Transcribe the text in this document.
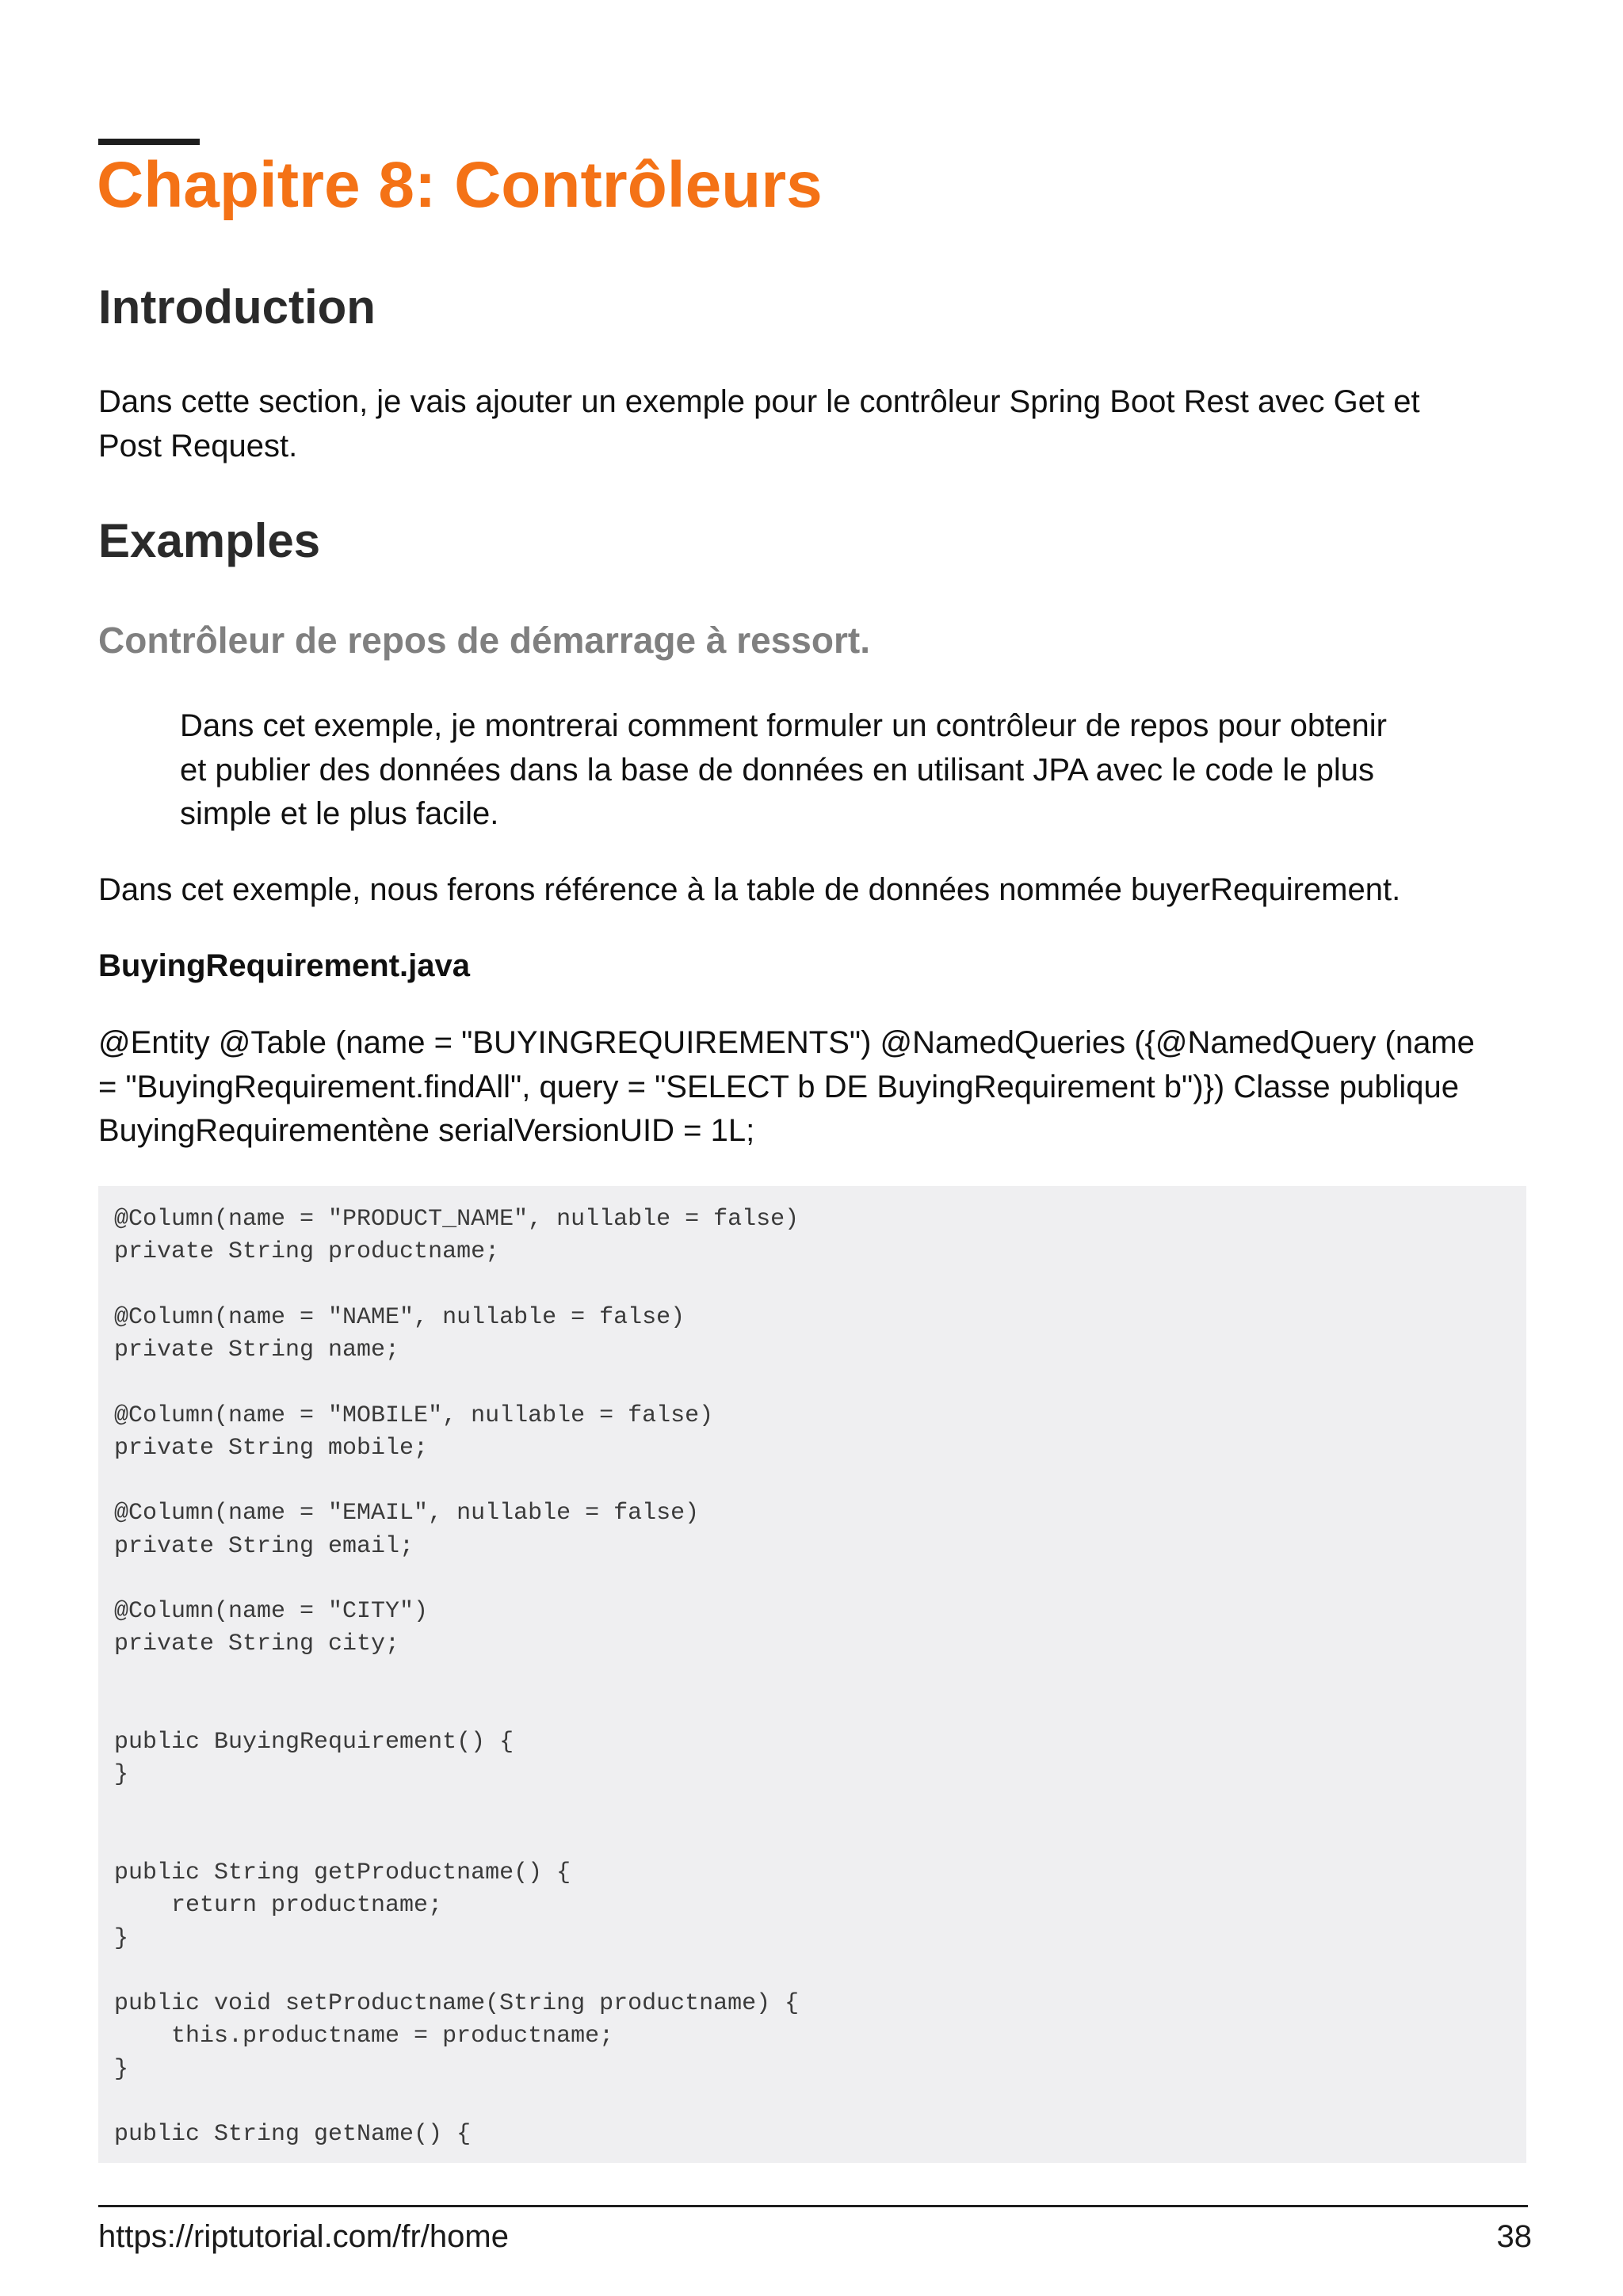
Chapitre 8: Contrôleurs
Introduction

Dans cette section, je vais ajouter un exemple pour le contrôleur Spring Boot Rest avec Get et
Post Request.

Examples
Contrôleur de repos de démarrage à ressort.

Dans cet exemple, je montrerai comment formuler un contrôleur de repos pour obtenir
et publier des données dans la base de données en utilisant JPA avec le code le plus
simple et le plus facile.

Dans cet exemple, nous ferons référence à la table de données nommée buyerRequirement.

BuyingRequirement.java

@Entity @Table (name = "BUYINGREQUIREMENTS") @NamedQueries ({@NamedQuery (name
= "BuyingRequirement.findAll", query = "SELECT b DE BuyingRequirement b")}) Classe publique
BuyingRequirementène serialVersionUID = 1L;

@Column(name = "PRODUCT_NAME", nullable = false)
private String productname;
@Column(name = "NAME", nullable = false)
private String name;
@Column(name = "MOBILE", nullable = false)
private String mobile;
@Column(name = "EMAIL", nullable = false)
private String email;
@Column(name = "CITY")
private String city;
public BuyingRequirement() {
}
public String getProductname() {
return productname;
}
public void setProductname(String productname) {
this.productname = productname;
}
public String getName() {

https://riptutorial.com/fr/home	38
